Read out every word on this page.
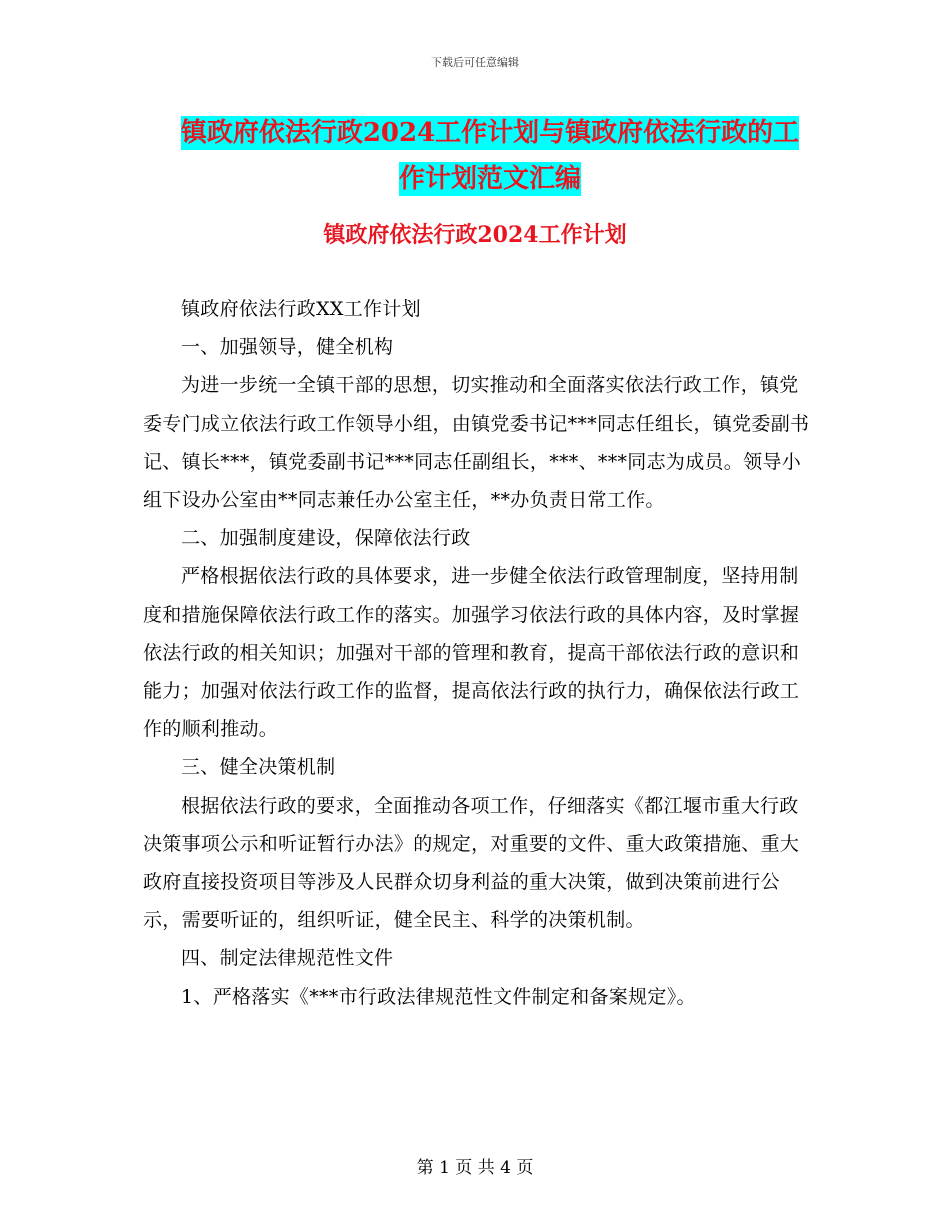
下载后可任意编辑
镇政府依法行政2024工作计划与镇政府依法行政的工
作计划范文汇编
镇政府依法行政2024工作计划

镇政府依法行政XX工作计划

一、加强领导，健全机构

为进一步统一全镇干部的思想，切实推动和全面落实依法行政工作，镇党委专门成立依法行政工作领导小组，由镇党委书记***同志任组长，镇党委副书记、镇长***，镇党委副书记***同志任副组长，***、***同志为成员。领导小组下设办公室由**同志兼任办公室主任，**办负责日常工作。

二、加强制度建设，保障依法行政

严格根据依法行政的具体要求，进一步健全依法行政管理制度，坚持用制度和措施保障依法行政工作的落实。加强学习依法行政的具体内容，及时掌握依法行政的相关知识；加强对干部的管理和教育，提高干部依法行政的意识和能力；加强对依法行政工作的监督，提高依法行政的执行力，确保依法行政工作的顺利推动。

三、健全决策机制

根据依法行政的要求，全面推动各项工作，仔细落实《都江堰市重大行政决策事项公示和听证暂行办法》的规定，对重要的文件、重大政策措施、重大政府直接投资项目等涉及人民群众切身利益的重大决策，做到决策前进行公示，需要听证的，组织听证，健全民主、科学的决策机制。

四、制定法律规范性文件

1、严格落实《***市行政法律规范性文件制定和备案规定》。

第 1 页 共 4 页
